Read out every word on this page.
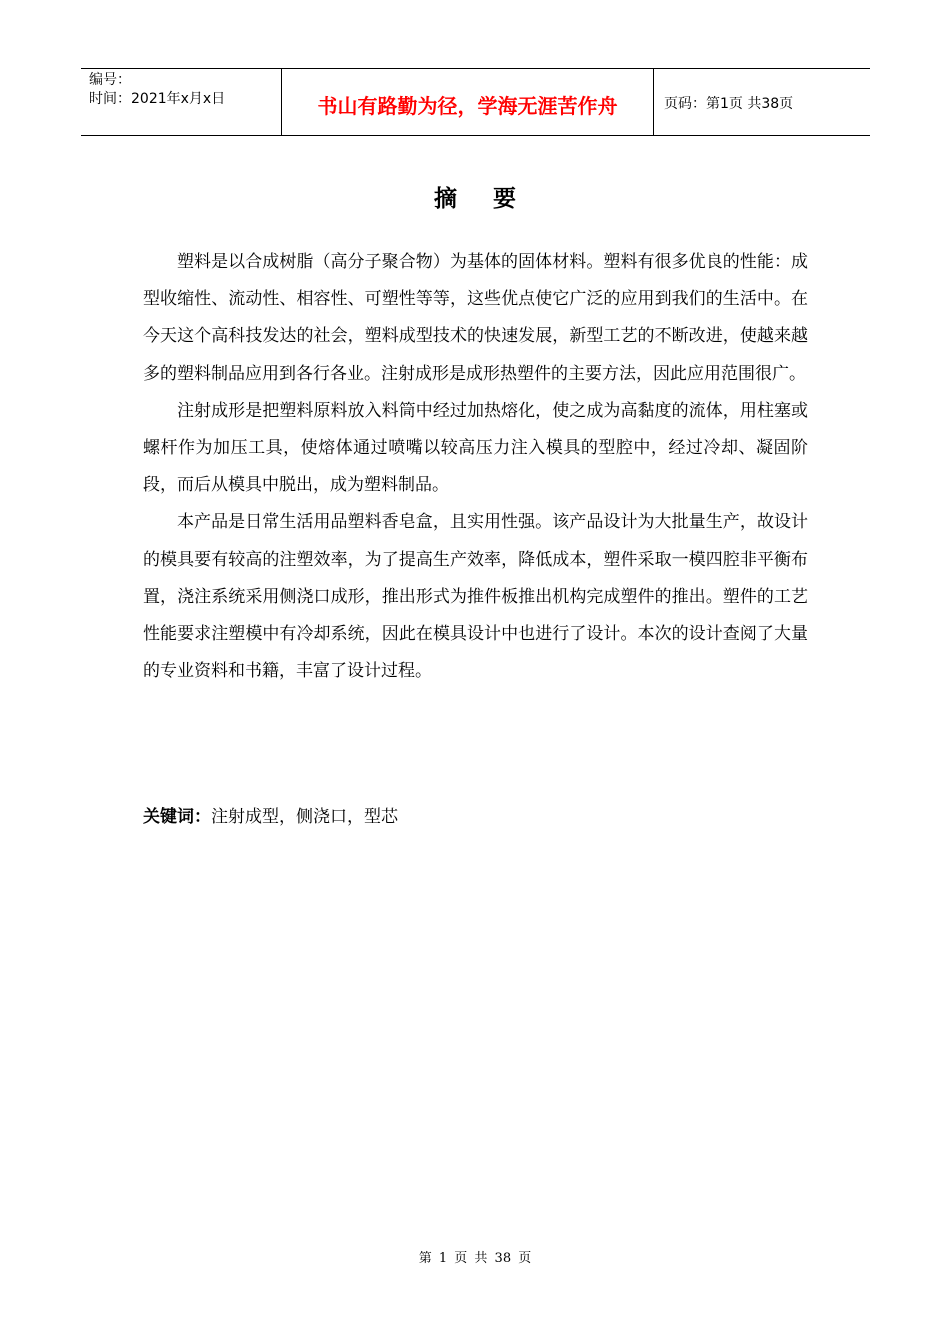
编号：
时间：2021年x月x日	书山有路勤为径，学海无涯苦作舟	页码：第1页 共38页
摘要

塑料是以合成树脂（高分子聚合物）为基体的固体材料。塑料有很多优良的性能：成型收缩性、流动性、相容性、可塑性等等，这些优点使它广泛的应用到我们的生活中。在今天这个高科技发达的社会，塑料成型技术的快速发展，新型工艺的不断改进，使越来越多的塑料制品应用到各行各业。注射成形是成形热塑件的主要方法，因此应用范围很广。

注射成形是把塑料原料放入料筒中经过加热熔化，使之成为高黏度的流体，用柱塞或螺杆作为加压工具，使熔体通过喷嘴以较高压力注入模具的型腔中，经过冷却、凝固阶段，而后从模具中脱出，成为塑料制品。

本产品是日常生活用品塑料香皂盒，且实用性强。该产品设计为大批量生产，故设计的模具要有较高的注塑效率，为了提高生产效率，降低成本，塑件采取一模四腔非平衡布置，浇注系统采用侧浇口成形，推出形式为推件板推出机构完成塑件的推出。塑件的工艺性能要求注塑模中有冷却系统，因此在模具设计中也进行了设计。本次的设计查阅了大量的专业资料和书籍，丰富了设计过程。

关键词：注射成型，侧浇口，型芯
第 1 页 共 38 页
